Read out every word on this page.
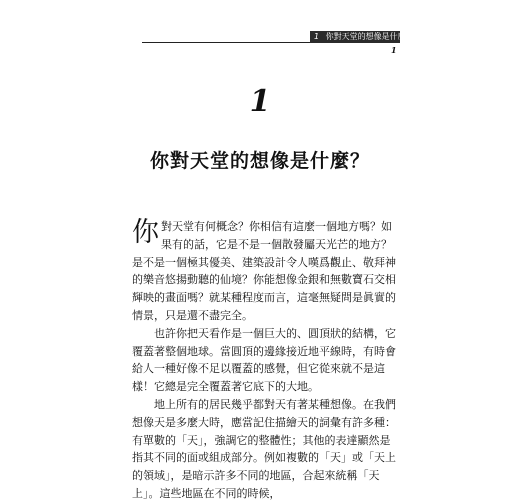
1 你對天堂的想像是什麼？
1
1
你對天堂的想像是什麼？

你對天堂有何概念？你相信有這麼一個地方嗎？如果有的話，它是不是一個散發屬天光芒的地方？是不是一個極其優美、建築設計令人嘆爲觀止、敬拜神的樂音悠揚動聽的仙境？你能想像金銀和無數寶石交相輝映的畫面嗎？就某種程度而言，這毫無疑問是眞實的情景，只是還不盡完全。

也許你把天看作是一個巨大的、圓頂狀的結構，它覆蓋著整個地球。當圓頂的邊緣接近地平線時，有時會給人一種好像不足以覆蓋的感覺，但它從來就不是這樣！它總是完全覆蓋著它底下的大地。

地上所有的居民幾乎都對天有著某種想像。在我們想像天是多麼大時，應當記住描繪天的詞彙有許多種：有單數的「天」，強調它的整體性；其他的表達顯然是指其不同的面或組成部分。例如複數的「天」或「天上的領域」，是暗示許多不同的地區，合起來統稱「天上」。這些地區在不同的時候，
